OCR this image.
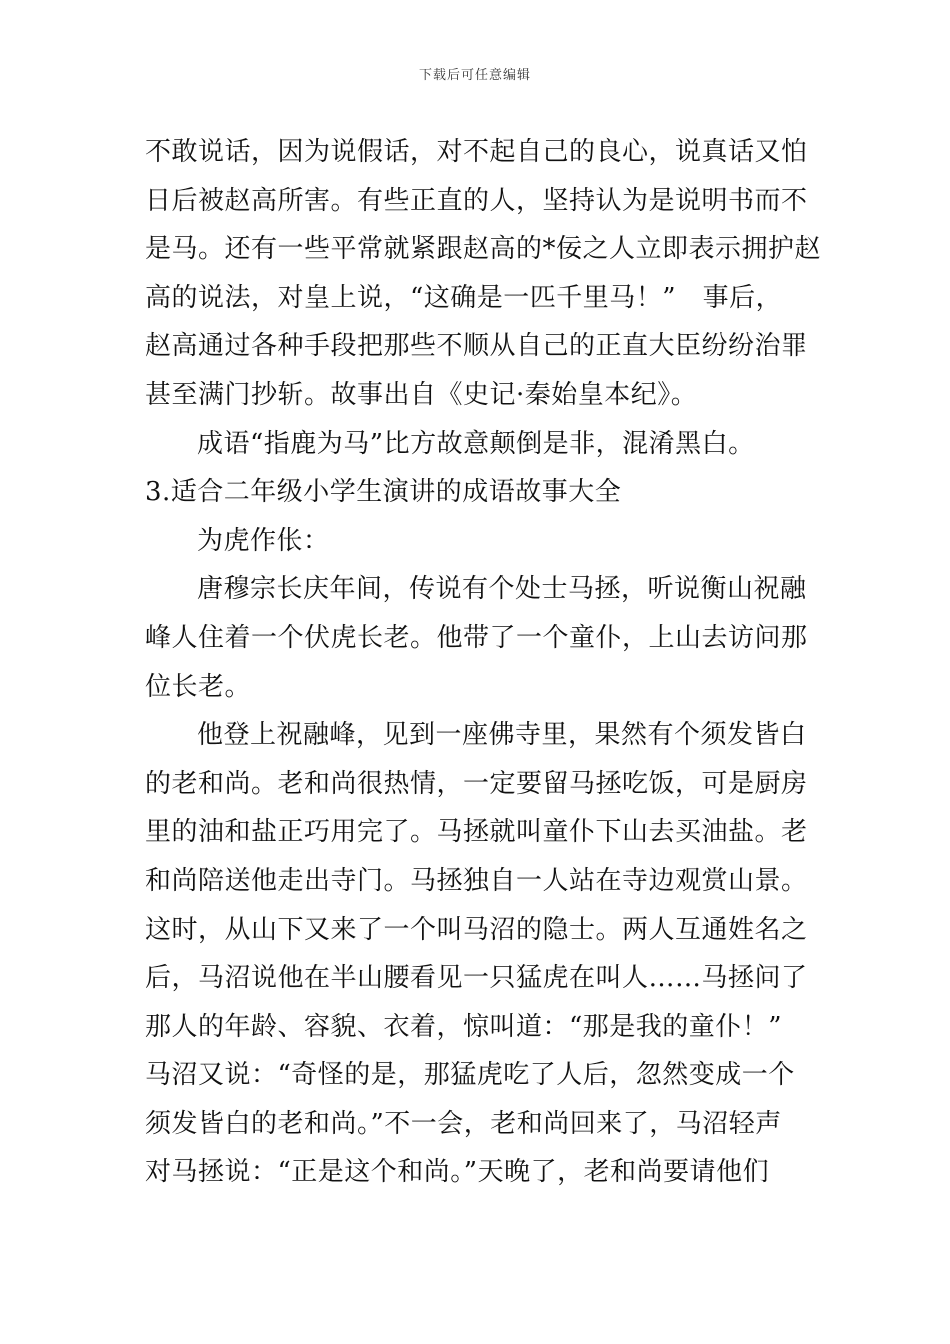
下载后可任意编辑
不敢说话，因为说假话，对不起自己的良心，说真话又怕
日后被赵高所害。有些正直的人，坚持认为是说明书而不
是马。还有一些平常就紧跟赵高的*佞之人立即表示拥护赵
高的说法，对皇上说，“这确是一匹千里马！”　事后，
赵高通过各种手段把那些不顺从自己的正直大臣纷纷治罪
甚至满门抄斩。故事出自《史记·秦始皇本纪》。
成语“指鹿为马”比方故意颠倒是非，混淆黑白。
3.适合二年级小学生演讲的成语故事大全
为虎作伥：
唐穆宗长庆年间，传说有个处士马拯，听说衡山祝融
峰人住着一个伏虎长老。他带了一个童仆，上山去访问那
位长老。
他登上祝融峰，见到一座佛寺里，果然有个须发皆白
的老和尚。老和尚很热情，一定要留马拯吃饭，可是厨房
里的油和盐正巧用完了。马拯就叫童仆下山去买油盐。老
和尚陪送他走出寺门。马拯独自一人站在寺边观赏山景。
这时，从山下又来了一个叫马沼的隐士。两人互通姓名之
后，马沼说他在半山腰看见一只猛虎在叫人……马拯问了
那人的年龄、容貌、衣着，惊叫道：“那是我的童仆！”
马沼又说：“奇怪的是，那猛虎吃了人后，忽然变成一个
须发皆白的老和尚。”不一会，老和尚回来了，马沼轻声
对马拯说：“正是这个和尚。”天晚了，老和尚要请他们
